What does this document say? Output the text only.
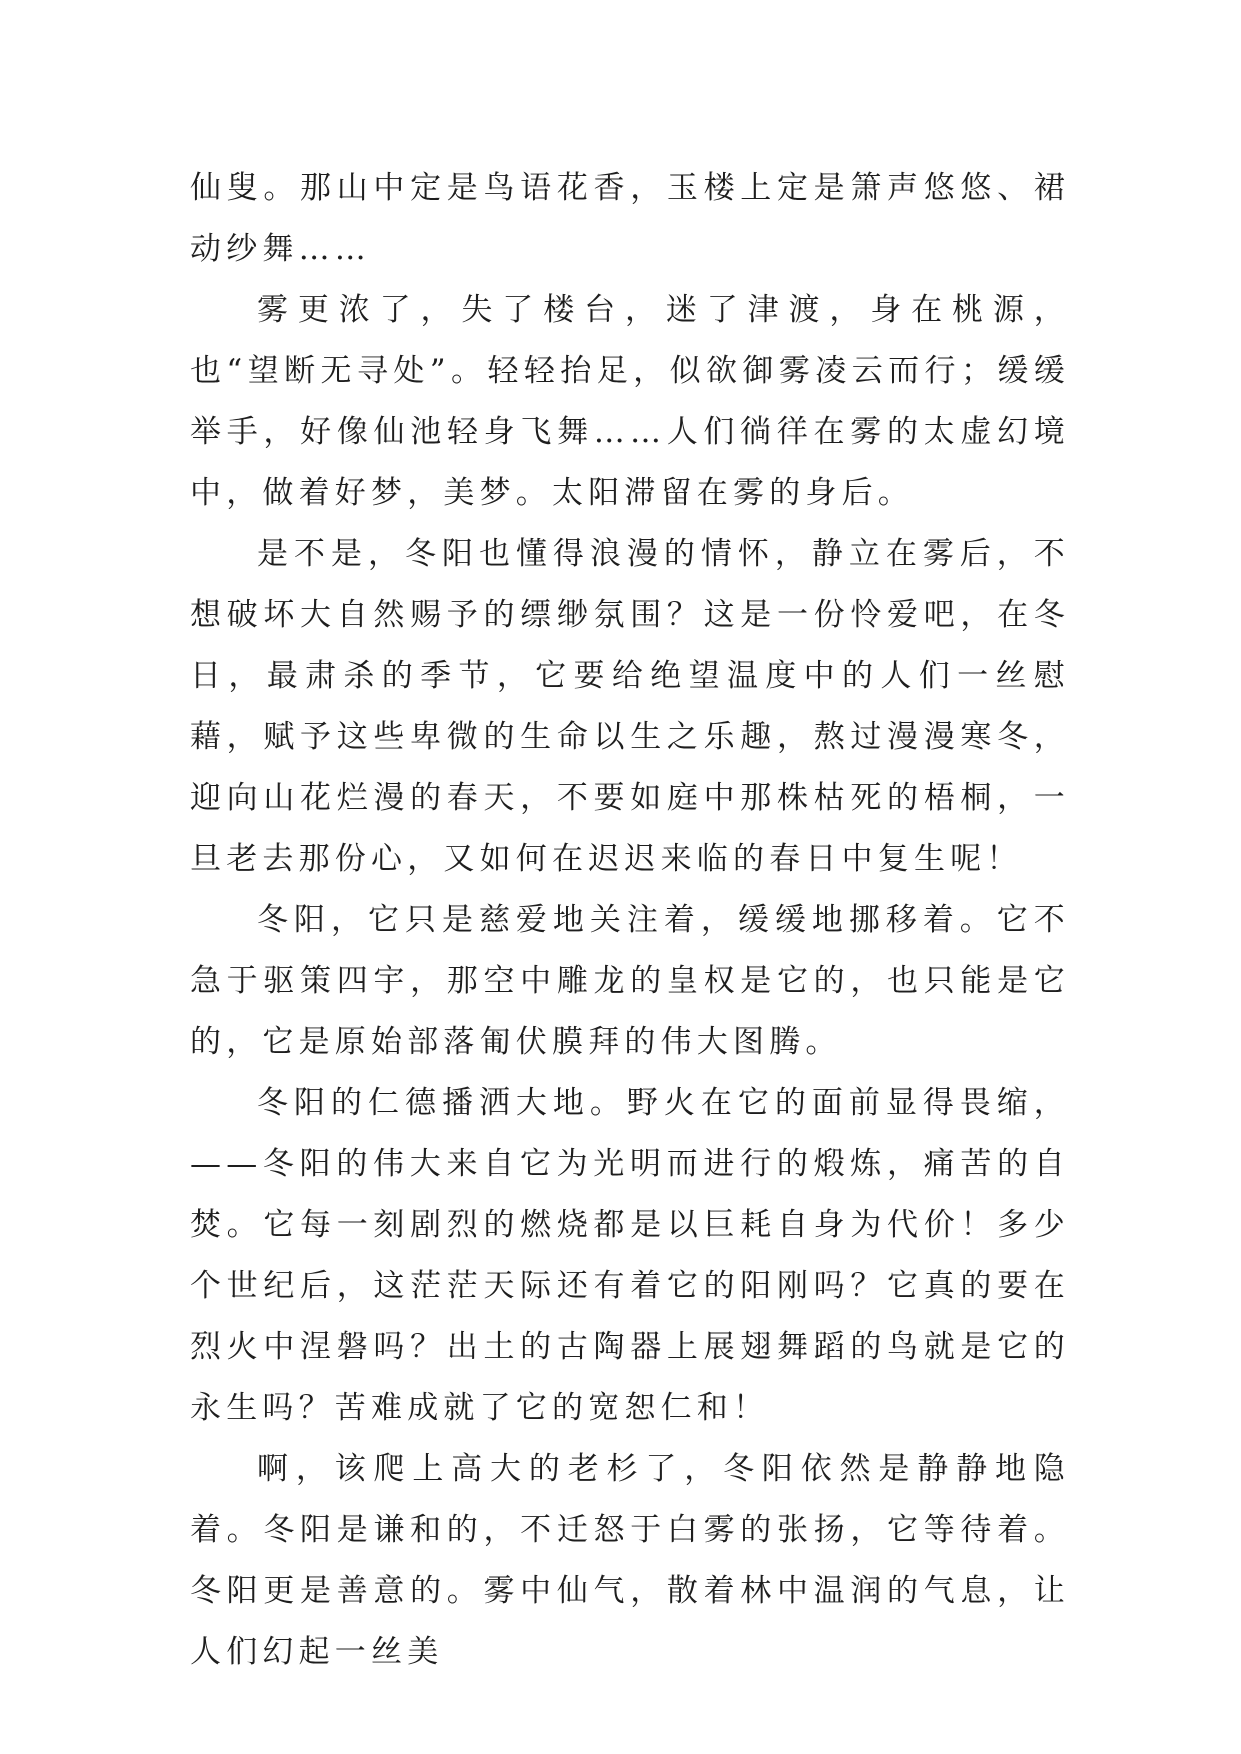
仙叟。那山中定是鸟语花香，玉楼上定是箫声悠悠、裙动纱舞……

雾更浓了，失了楼台，迷了津渡，身在桃源，也“望断无寻处”。轻轻抬足，似欲御雾凌云而行；缓缓举手，好像仙池轻身飞舞……人们徜徉在雾的太虚幻境中，做着好梦，美梦。太阳滞留在雾的身后。

是不是，冬阳也懂得浪漫的情怀，静立在雾后，不想破坏大自然赐予的缥缈氛围？这是一份怜爱吧，在冬日，最肃杀的季节，它要给绝望温度中的人们一丝慰藉，赋予这些卑微的生命以生之乐趣，熬过漫漫寒冬，迎向山花烂漫的春天，不要如庭中那株枯死的梧桐，一旦老去那份心，又如何在迟迟来临的春日中复生呢！

冬阳，它只是慈爱地关注着，缓缓地挪移着。它不急于驱策四宇，那空中雕龙的皇权是它的，也只能是它的，它是原始部落匍伏膜拜的伟大图腾。

冬阳的仁德播洒大地。野火在它的面前显得畏缩，——冬阳的伟大来自它为光明而进行的煅炼，痛苦的自焚。它每一刻剧烈的燃烧都是以巨耗自身为代价！多少个世纪后，这茫茫天际还有着它的阳刚吗？它真的要在烈火中涅磐吗？出土的古陶器上展翅舞蹈的鸟就是它的永生吗？苦难成就了它的宽恕仁和！

啊，该爬上高大的老杉了，冬阳依然是静静地隐着。冬阳是谦和的，不迁怒于白雾的张扬，它等待着。冬阳更是善意的。雾中仙气，散着林中温润的气息，让人们幻起一丝美
